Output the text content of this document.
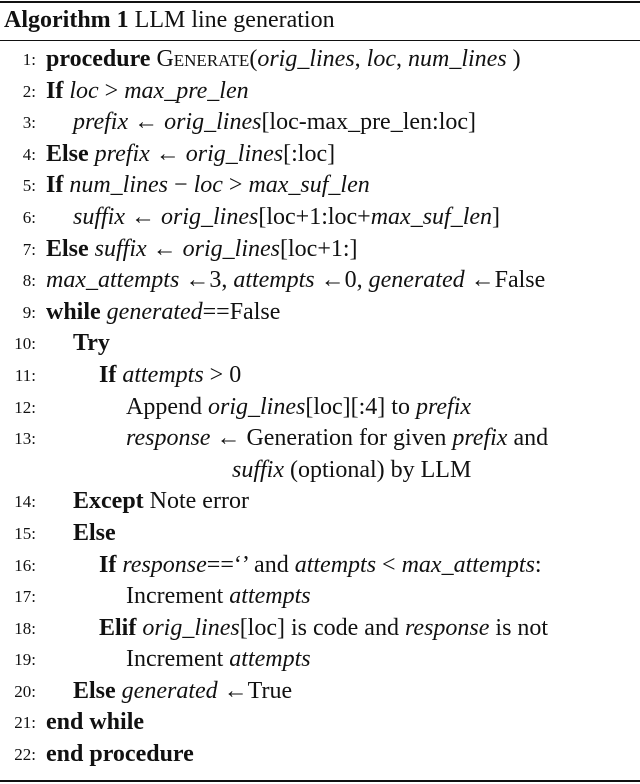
Algorithm 1 LLM line generation
1: procedure Generate(orig_lines, loc, num_lines )
2: If loc > max_pre_len
3: prefix ← orig_lines[loc-max_pre_len:loc]
4: Else prefix ← orig_lines[:loc]
5: If num_lines − loc > max_suf_len
6: suffix ← orig_lines[loc+1:loc+max_suf_len]
7: Else suffix ← orig_lines[loc+1:]
8: max_attempts ←3, attempts ←0, generated ←False
9: while generated==False
10: Try
11:	If attempts > 0
12:	Append orig_lines[loc][:4] to prefix
13:	response ← Generation for given prefix and
suffix (optional) by LLM
14: Except Note error
15: Else
16:	If response==‘’ and attempts < max_attempts:
17:	Increment attempts
18:	Elif orig_lines[loc] is code and response is not
19:	Increment attempts
20: Else generated ←True
21: end while
22: end procedure
